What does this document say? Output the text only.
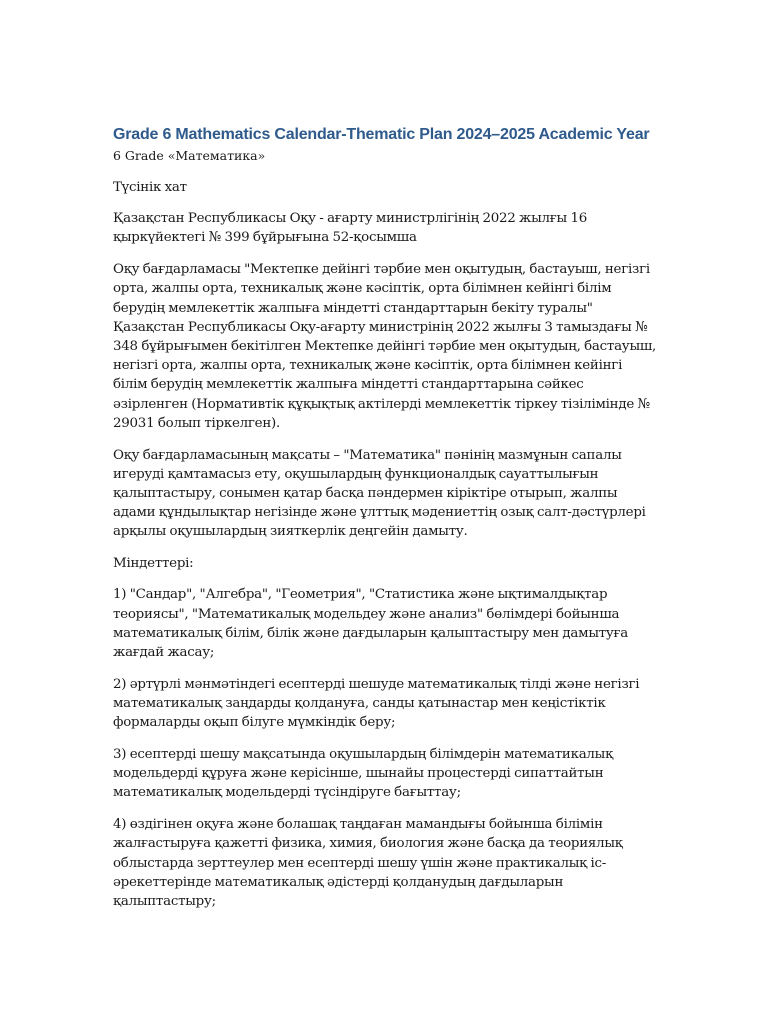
Grade 6 Mathematics Calendar-Thematic Plan 2024–2025 Academic Year

6 Grade «Математика»

Түсінік хат

Қазақстан Республикасы Оқу - ағарту министрлігінің 2022 жылғы 16 қыркүйектегі № 399 бұйрығына 52-қосымша

Оқу бағдарламасы "Мектепке дейінгі тәрбие мен оқытудың, бастауыш, негізгі орта, жалпы орта, техникалық және кәсіптік, орта білімнен кейінгі білім берудің мемлекеттік жалпыға міндетті стандарттарын бекіту туралы" Қазақстан Республикасы Оқу-ағарту министрінің 2022 жылғы 3 тамыздағы № 348 бұйрығымен бекітілген Мектепке дейінгі тәрбие мен оқытудың, бастауыш, негізгі орта, жалпы орта, техникалық және кәсіптік, орта білімнен кейінгі білім берудің мемлекеттік жалпыға міндетті стандарттарына сәйкес әзірленген (Нормативтік құқықтық актілерді мемлекеттік тіркеу тізілімінде № 29031 болып тіркелген).

Оқу бағдарламасының мақсаты – "Математика" пәнінің мазмұнын сапалы игеруді қамтамасыз ету, оқушылардың функционалдық сауаттылығын қалыптастыру, сонымен қатар басқа пәндермен кіріктіре отырып, жалпы адами құндылықтар негізінде және ұлттық мәдениеттің озық салт-дәстүрлері арқылы оқушылардың зияткерлік деңгейін дамыту.

Міндеттері:

1) "Сандар", "Алгебра", "Геометрия", "Статистика және ықтималдықтар теориясы", "Математикалық модельдеу және анализ" бөлімдері бойынша математикалық білім, білік және дағдыларын қалыптастыру мен дамытуға жағдай жасау;

2) әртүрлі мәнмәтіндегі есептерді шешуде математикалық тілді және негізгі математикалық заңдарды қолдануға, санды қатынастар мен кеңістіктік формаларды оқып білуге мүмкіндік беру;

3) есептерді шешу мақсатында оқушылардың білімдерін математикалық модельдерді құруға және керісінше, шынайы процестерді сипаттайтын математикалық модельдерді түсіндіруге бағыттау;

4) өздігінен оқуға және болашақ таңдаған мамандығы бойынша білімін жалғастыруға қажетті физика, химия, биология және басқа да теориялық облыстарда зерттеулер мен есептерді шешу үшін және практикалық іс-әрекеттерінде математикалық әдістерді қолданудың дағдыларын қалыптастыру;
